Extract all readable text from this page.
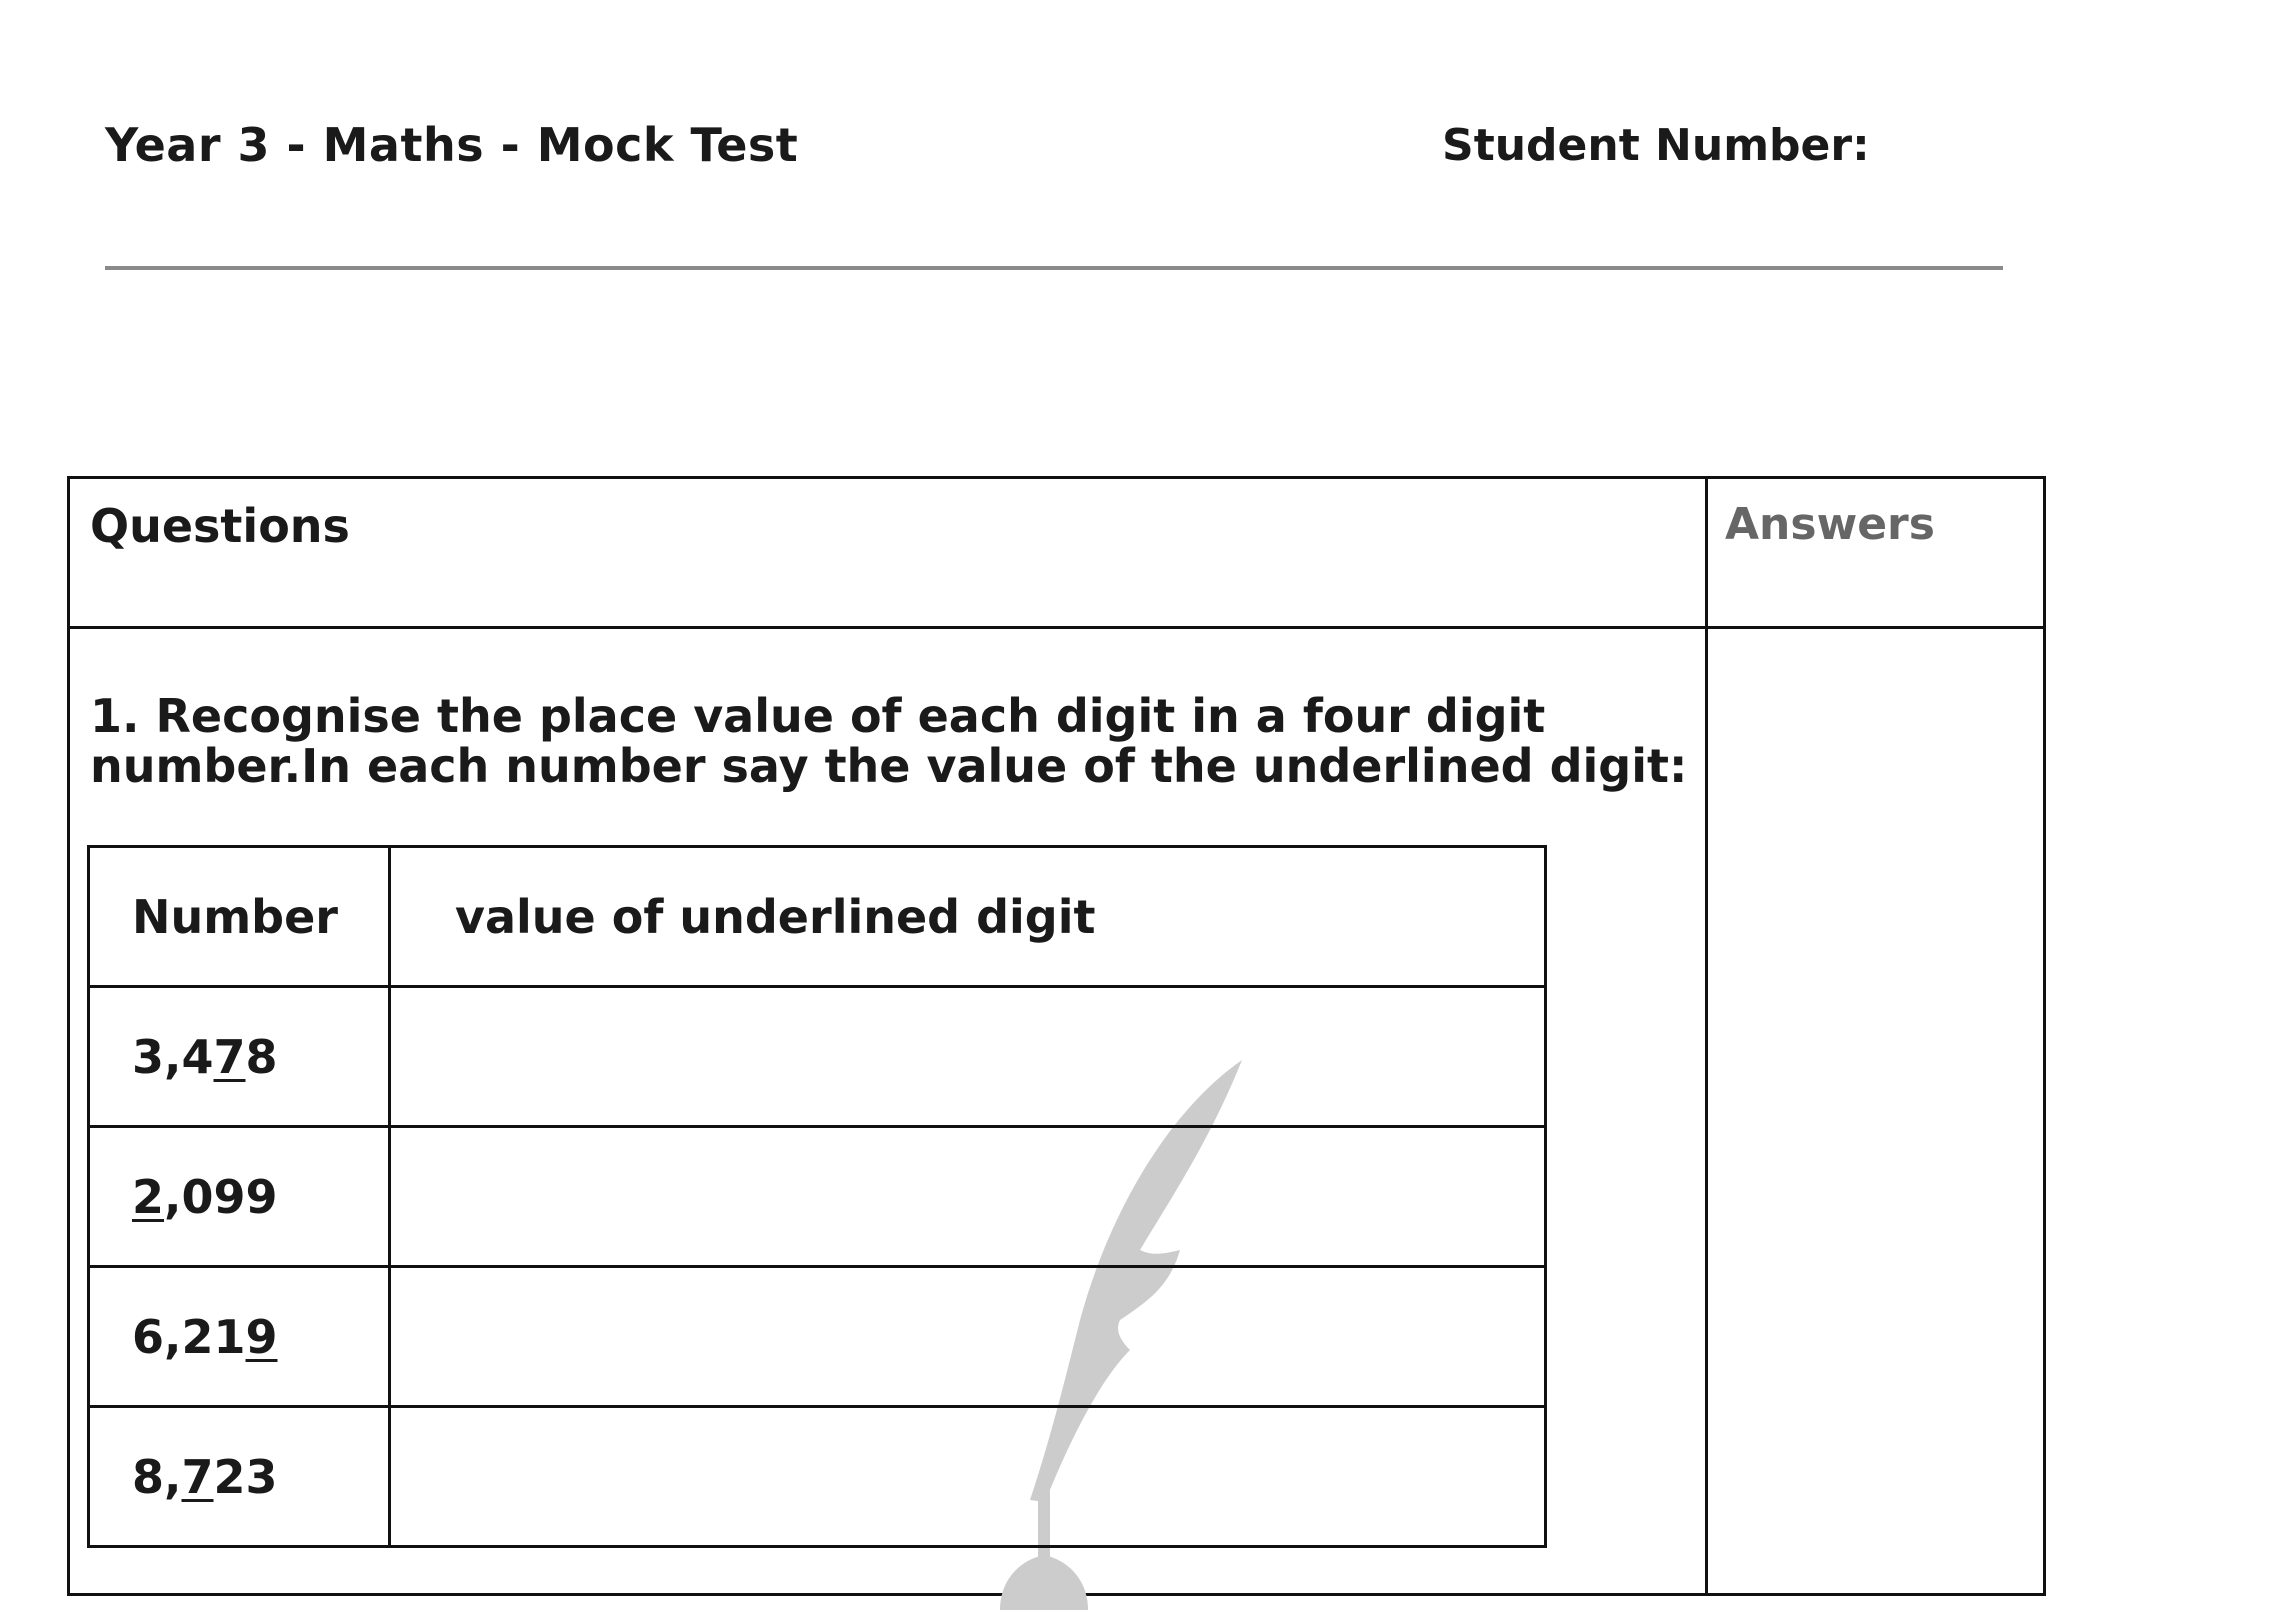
Year 3 - Maths - Mock Test	Student Number:
Questions	Answers
1. Recognise the place value of each digit in a four digit number.In each number say the value of the underlined digit:
Number	value of underlined digit
3,478	
2,099	
6,219	
8,723	
